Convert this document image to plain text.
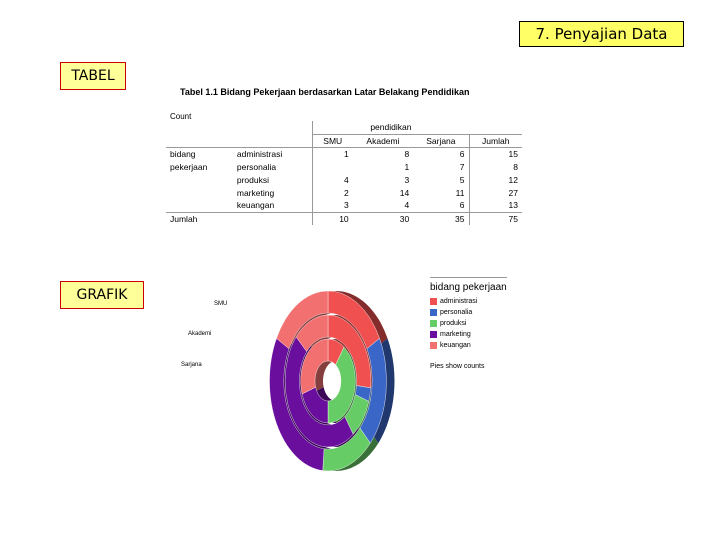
7. Penyajian Data
TABEL
GRAFIK
Tabel 1.1 Bidang Pekerjaan berdasarkan Latar Belakang Pendidikan
Count
		pendidikan			
		SMU	Akademi	Sarjana	Jumlah
bidang	administrasi	1	8	6	15
pekerjaan	personalia		1	7	8
	produksi	4	3	5	12
	marketing	2	14	11	27
	keuangan	3	4	6	13
Jumlah		10	30	35	75
SMU
Akademi
Sarjana
bidang pekerjaan
administrasi
personalia
produksi
marketing
keuangan
Pies show counts
